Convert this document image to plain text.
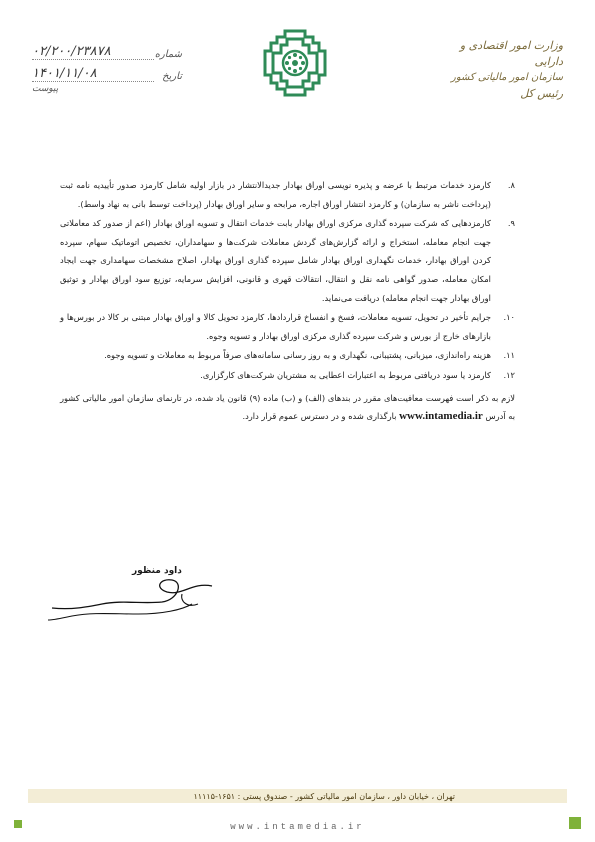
وزارت امور اقتصادی و دارایی
سازمان امور مالیاتی کشور
رئیس کل
شماره
۰۲/۲۰۰/۲۳۸۷۸
تاریخ
۱۴۰۱/۱۱/۰۸
پیوست
۸.
کارمزد خدمات مرتبط با عرضه و پذیره نویسی اوراق بهادار جدیدالانتشار در بازار اولیه شامل کارمزد صدور تأییدیه نامه ثبت (پرداخت ناشر به سازمان) و کارمزد انتشار اوراق اجاره، مرابحه و سایر اوراق بهادار (پرداخت توسط بانی به نهاد واسط).
۹.
کارمزدهایی که شرکت سپرده گذاری مرکزی اوراق بهادار بابت خدمات انتقال و تسویه اوراق بهادار (اعم از صدور کد معاملاتی جهت انجام معامله، استخراج و ارائه گزارش‌های گردش معاملات شرکت‌ها و سهامداران، تخصیص اتوماتیک سهام، سپرده کردن اوراق بهادار، خدمات نگهداری اوراق بهادار شامل سپرده گذاری اوراق بهادار، اصلاح مشخصات سهامداری جهت ایجاد امکان معامله، صدور گواهی نامه نقل و انتقال، انتقالات قهری و قانونی، افزایش سرمایه، توزیع سود اوراق بهادار و توثیق اوراق بهادار جهت انجام معامله) دریافت می‌نماید.
۱۰.
جرایم تأخیر در تحویل، تسویه معاملات، فسخ و انفساخ قراردادها، کارمزد تحویل کالا و اوراق بهادار مبتنی بر کالا در بورس‌ها و بازارهای خارج از بورس و شرکت سپرده گذاری مرکزی اوراق بهادار و تسویه وجوه.
۱۱.
هزینه راه‌اندازی، میزبانی، پشتیبانی، نگهداری و به روز رسانی سامانه‌های صرفاً مربوط به معاملات و تسویه وجوه.
۱۲.
کارمزد یا سود دریافتی مربوط به اعتبارات اعطایی به مشتریان شرکت‌های کارگزاری.
لازم به ذکر است فهرست معافیت‌های مقرر در بندهای (الف) و (ب) ماده (۹) قانون یاد شده، در تارنمای سازمان امور مالیاتی کشور به آدرس www.intamedia.ir بارگذاری شده و در دسترس عموم قرار دارد.
داود منظور
تهران ، خیابان داور ، سازمان امور مالیاتی کشور - صندوق پستی : ۱۶۵۱-۱۱۱۱۵
www.intamedia.ir
